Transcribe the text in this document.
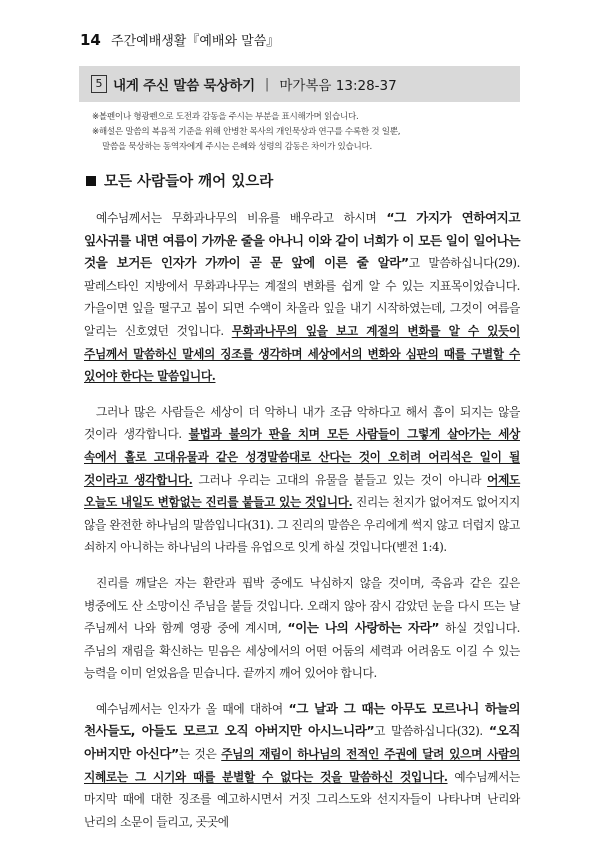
14 주간예배생활『예배와 말씀』
5 내게 주신 말씀 묵상하기 | 마가복음 13:28-37

※볼펜이나 형광펜으로 도전과 감동을 주시는 부분을 표시해가며 읽습니다.

※해설은 말씀의 복음적 기준을 위해 안병찬 목사의 개인묵상과 연구를 수록한 것 일뿐,

말씀을 묵상하는 동역자에게 주시는 은혜와 성령의 감동은 차이가 있습니다.

모든 사람들아 깨어 있으라

예수님께서는 무화과나무의 비유를 배우라고 하시며 “그 가지가 연하여지고 잎사귀를 내면 여름이 가까운 줄을 아나니 이와 같이 너희가 이 모든 일이 일어나는 것을 보거든 인자가 가까이 곧 문 앞에 이른 줄 알라”고 말씀하십니다(29). 팔레스타인 지방에서 무화과나무는 계절의 변화를 쉽게 알 수 있는 지표목이었습니다. 가을이면 잎을 떨구고 봄이 되면 수액이 차올라 잎을 내기 시작하였는데, 그것이 여름을 알리는 신호였던 것입니다. 무화과나무의 잎을 보고 계절의 변화를 알 수 있듯이 주님께서 말씀하신 말세의 징조를 생각하며 세상에서의 변화와 심판의 때를 구별할 수 있어야 한다는 말씀입니다.

그러나 많은 사람들은 세상이 더 악하니 내가 조금 악하다고 해서 흠이 되지는 않을 것이라 생각합니다. 불법과 불의가 판을 치며 모든 사람들이 그렇게 살아가는 세상 속에서 홀로 고대유물과 같은 성경말씀대로 산다는 것이 오히려 어리석은 일이 될 것이라고 생각합니다. 그러나 우리는 고대의 유물을 붙들고 있는 것이 아니라 어제도 오늘도 내일도 변함없는 진리를 붙들고 있는 것입니다. 진리는 천지가 없어져도 없어지지 않을 완전한 하나님의 말씀입니다(31). 그 진리의 말씀은 우리에게 썩지 않고 더럽지 않고 쇠하지 아니하는 하나님의 나라를 유업으로 잇게 하실 것입니다(벧전 1:4).

진리를 깨달은 자는 환란과 핍박 중에도 낙심하지 않을 것이며, 죽음과 같은 깊은 병중에도 산 소망이신 주님을 붙들 것입니다. 오래지 않아 잠시 감았던 눈을 다시 뜨는 날 주님께서 나와 함께 영광 중에 계시며, “이는 나의 사랑하는 자라” 하실 것입니다. 주님의 재림을 확신하는 믿음은 세상에서의 어떤 어둠의 세력과 어려움도 이길 수 있는 능력을 이미 얻었음을 믿습니다. 끝까지 깨어 있어야 합니다.

예수님께서는 인자가 올 때에 대하여 “그 날과 그 때는 아무도 모르나니 하늘의 천사들도, 아들도 모르고 오직 아버지만 아시느니라”고 말씀하십니다(32). “오직 아버지만 아신다”는 것은 주님의 재림이 하나님의 전적인 주권에 달려 있으며 사람의 지혜로는 그 시기와 때를 분별할 수 없다는 것을 말씀하신 것입니다. 예수님께서는 마지막 때에 대한 징조를 예고하시면서 거짓 그리스도와 선지자들이 나타나며 난리와 난리의 소문이 들리고, 곳곳에
